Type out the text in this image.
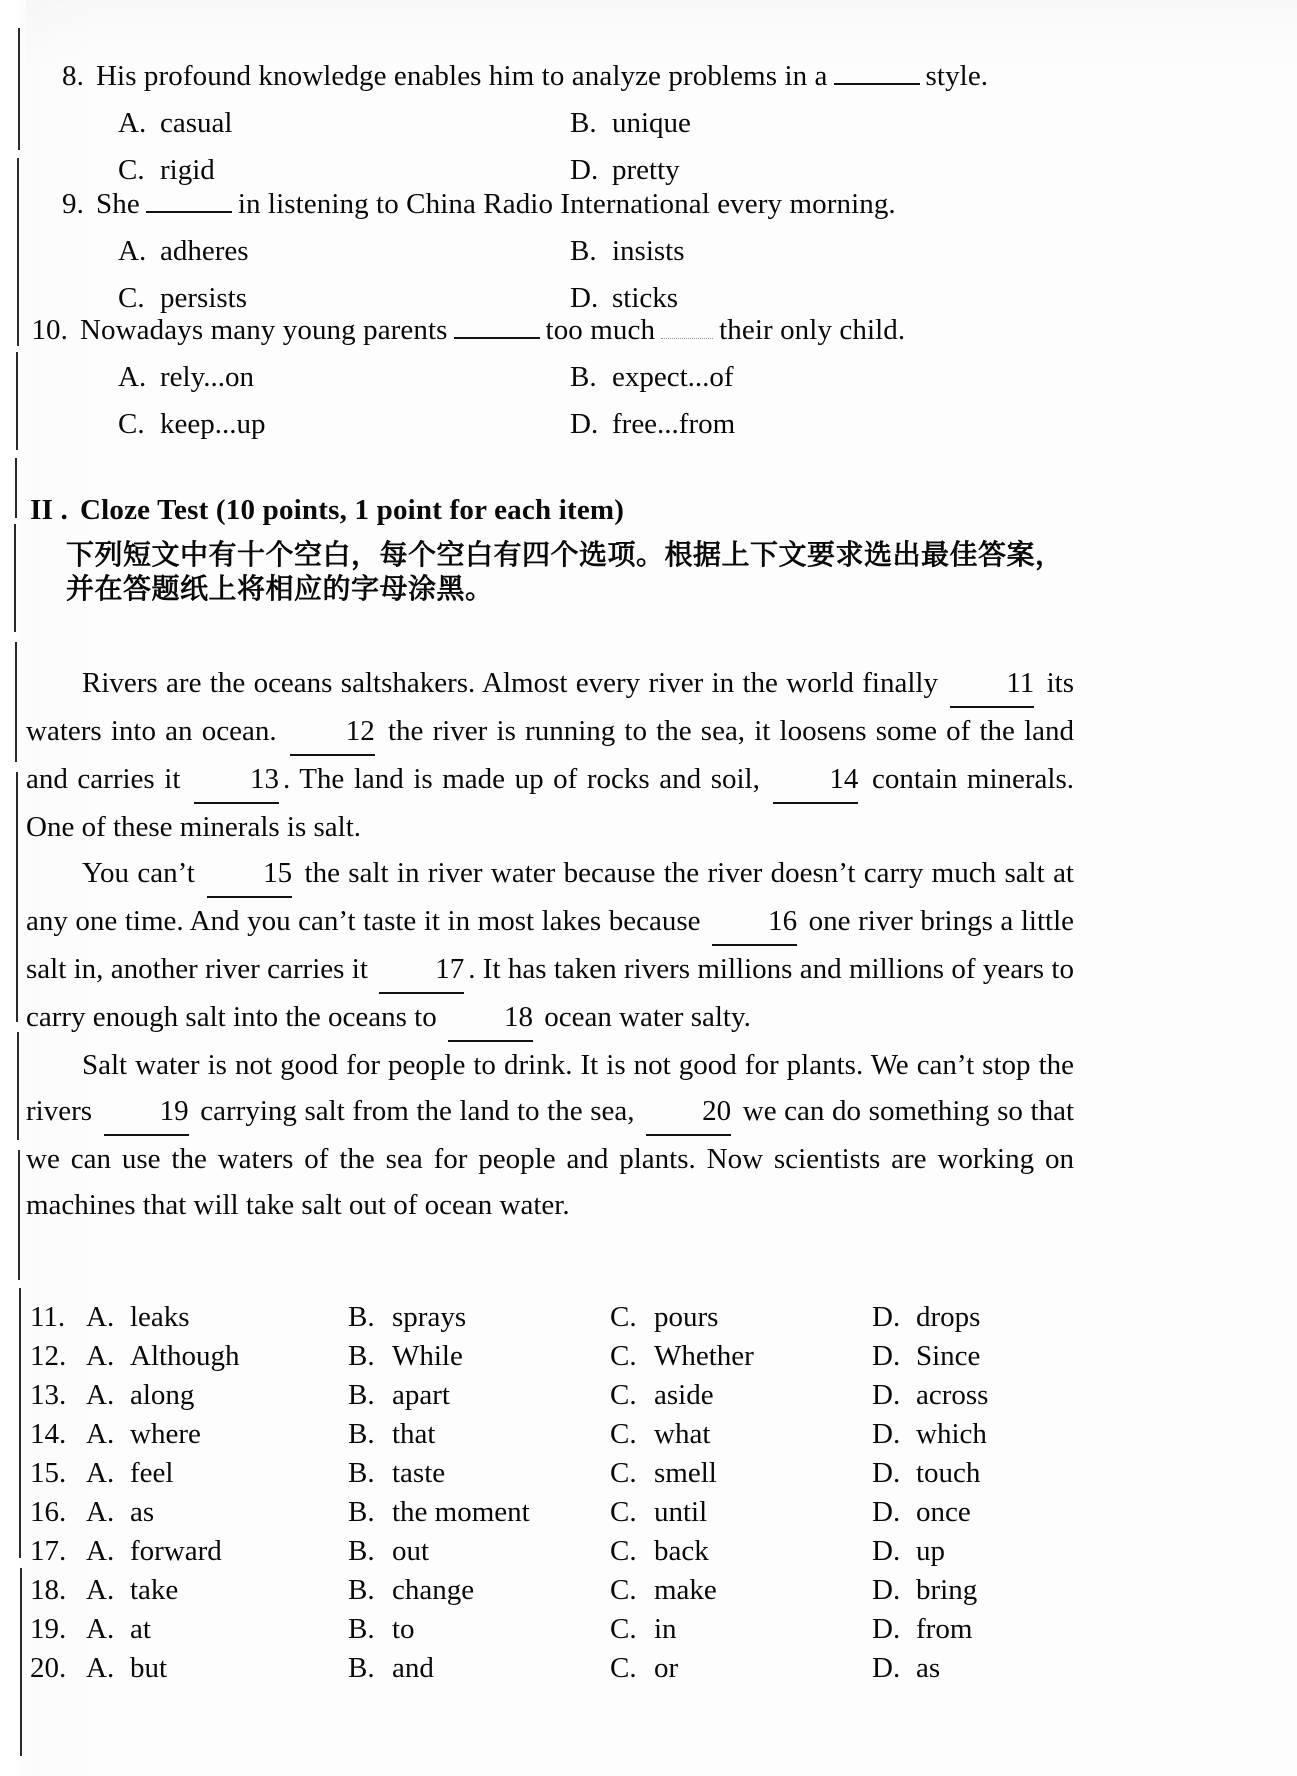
8. His profound knowledge enables him to analyze problems in a	style.
A. casual	B. unique
C. rigid	D. pretty
9. She	in listening to China Radio International every morning.
A. adheres	B. insists
C. persists	D. sticks
10. Nowadays many young parents	too much their only child.
A. rely...on	B. expect...of
C. keep...up	D. free...from
II . Cloze Test (10 points, 1 point for each item)
下列短文中有十个空白，每个空白有四个选项。根据上下文要求选出最佳答案，
并在答题纸上将相应的字母涂黑。

Rivers are the oceans saltshakers. Almost every river in the world finally 11 its waters into an ocean. 12 the river is running to the sea, it loosens some of the land and carries it 13 . The land is made up of rocks and soil, 14 contain minerals. One of these minerals is salt.

You can’t 15 the salt in river water because the river doesn’t carry much salt at any one time. And you can’t taste it in most lakes because 16 one river brings a little salt in, another river carries it 17 . It has taken rivers millions and millions of years to carry enough salt into the oceans to 18 ocean water salty.

Salt water is not good for people to drink. It is not good for plants. We can’t stop the rivers 19 carrying salt from the land to the sea, 20 we can do something so that we can use the waters of the sea for people and plants. Now scientists are working on machines that will take salt out of ocean water.

11. A. leaks	B. sprays	C. pours	D. drops
12. A. Although	B. While	C. Whether	D. Since
13. A. along	B. apart	C. aside	D. across
14. A. where	B. that	C. what	D. which
15. A. feel	B. taste	C. smell	D. touch
16. A. as	B. the moment	C. until	D. once
17. A. forward	B. out	C. back	D. up
18. A. take	B. change	C. make	D. bring
19. A. at	B. to	C. in	D. from
20. A. but	B. and	C. or	D. as
